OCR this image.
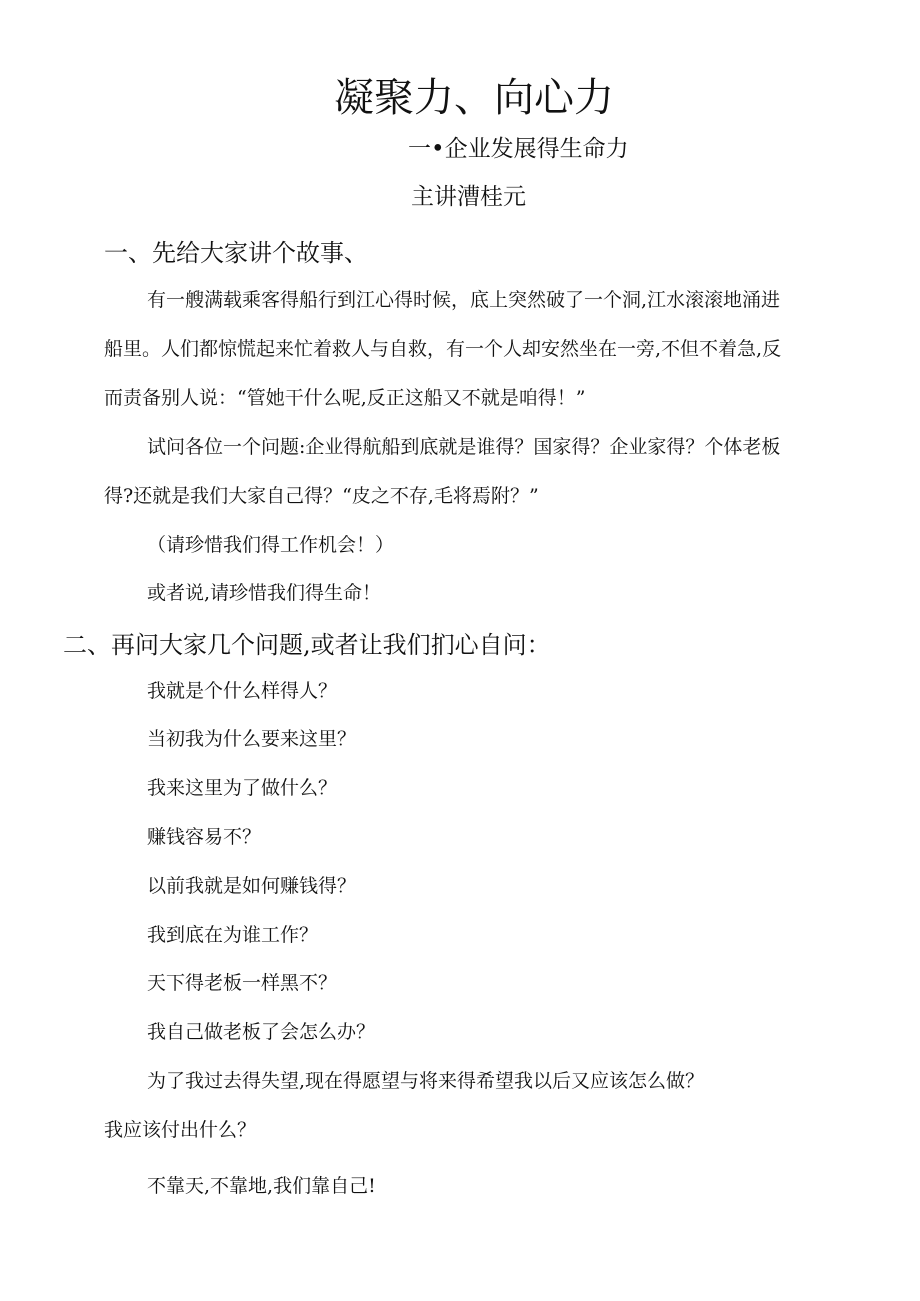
凝聚力、向心力
一•企业发展得生命力
主讲漕桂元
一、先给大家讲个故事、
有一艘满载乘客得船行到江心得时候，底上突然破了一个洞,江水滚滚地涌进
船里。人们都惊慌起来忙着救人与自救，有一个人却安然坐在一旁,不但不着急,反
而责备别人说：“管她干什么呢,反正这船又不就是咱得！”
试问各位一个问题:企业得航船到底就是谁得？国家得？企业家得？个体老板
得?还就是我们大家自己得？“皮之不存,毛将焉附？”
（请珍惜我们得工作机会！）
或者说,请珍惜我们得生命！
二、再问大家几个问题,或者让我们扪心自问：
我就是个什么样得人？
当初我为什么要来这里？
我来这里为了做什么？
赚钱容易不？
以前我就是如何赚钱得？
我到底在为谁工作？
天下得老板一样黑不？
我自己做老板了会怎么办？
为了我过去得失望,现在得愿望与将来得希望我以后又应该怎么做？
我应该付出什么？
不靠天,不靠地,我们靠自己!
